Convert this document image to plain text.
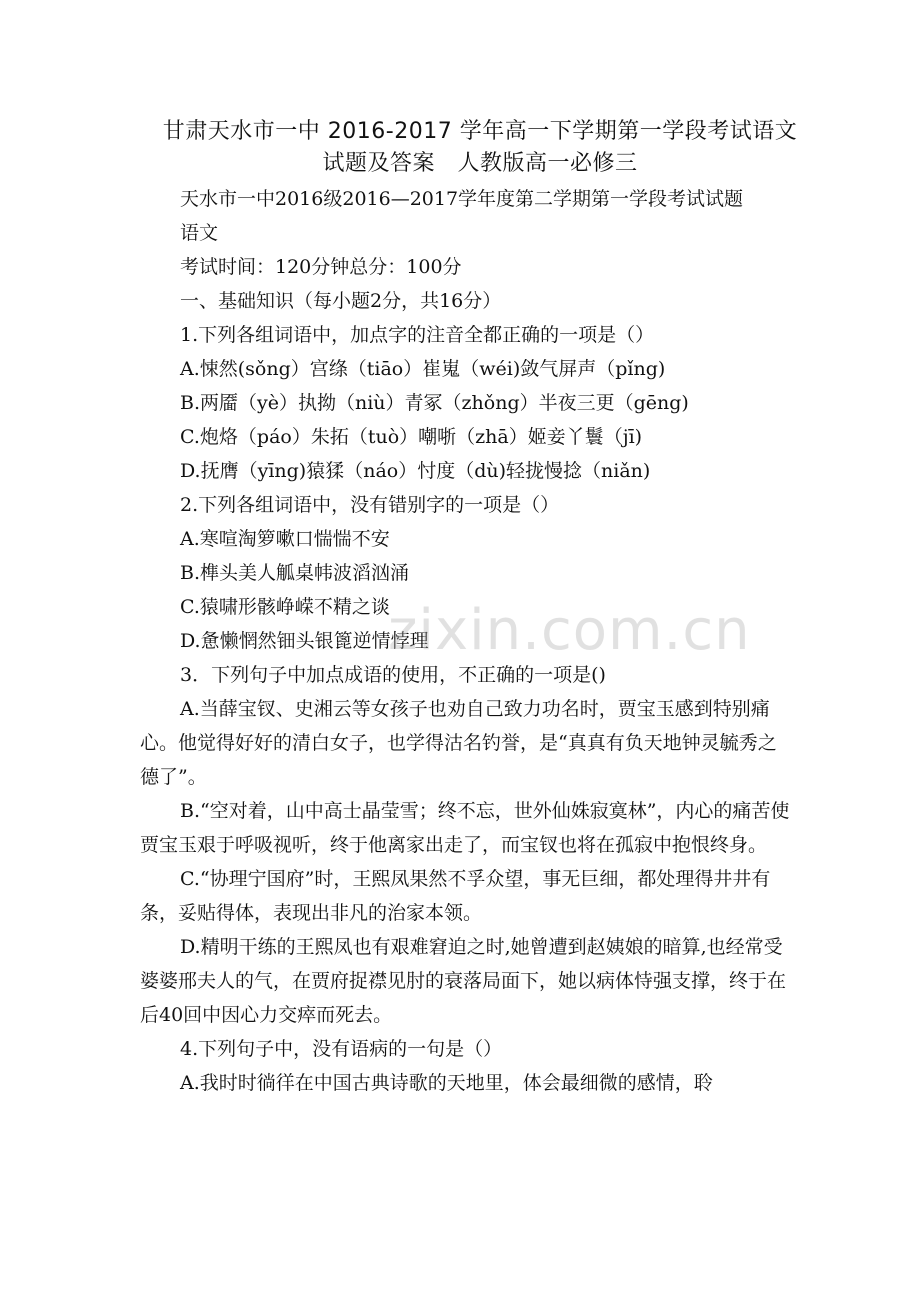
甘肃天水市一中 2016-2017 学年高一下学期第一学段考试语文
试题及答案　人教版高一必修三

天水市一中2016级2016—2017学年度第二学期第一学段考试试题

语文

考试时间：120分钟总分：100分

一、基础知识（每小题2分，共16分）

1.下列各组词语中，加点字的注音全都正确的一项是（）

A.悚然(sǒng）宫绦（tiāo）崔嵬（wéi)敛气屏声（pǐng)

B.两靥（yè）执拗（niù）青冢（zhǒng）半夜三更（gēng)

C.炮烙（páo）朱拓（tuò）嘲哳（zhā）姬妾丫鬟（jī)

D.抚膺（yīng)猿猱（náo）忖度（dù)轻拢慢捻（niǎn)

2.下列各组词语中，没有错别字的一项是（）

A.寒喧淘箩嗽口惴惴不安

B.榫头美人觚桌帏波滔汹涌

C.猿啸形骸峥嵘不精之谈

D.惫懒惘然钿头银篦逆情悖理

3．下列句子中加点成语的使用，不正确的一项是()

A.当薛宝钗、史湘云等女孩子也劝自己致力功名时，贾宝玉感到特别痛心。他觉得好好的清白女子，也学得沽名钓誉，是“真真有负天地钟灵毓秀之德了”。

B.“空对着，山中高士晶莹雪；终不忘，世外仙姝寂寞林”，内心的痛苦使贾宝玉艰于呼吸视听，终于他离家出走了，而宝钗也将在孤寂中抱恨终身。

C.“协理宁国府”时，王熙凤果然不孚众望，事无巨细，都处理得井井有条，妥贴得体，表现出非凡的治家本领。

D.精明干练的王熙凤也有艰难窘迫之时,她曾遭到赵姨娘的暗算,也经常受婆婆邢夫人的气，在贾府捉襟见肘的衰落局面下，她以病体恃强支撑，终于在后40回中因心力交瘁而死去。

4.下列句子中，没有语病的一句是（）

A.我时时徜徉在中国古典诗歌的天地里，体会最细微的感情，聆

zixin.com.cn
